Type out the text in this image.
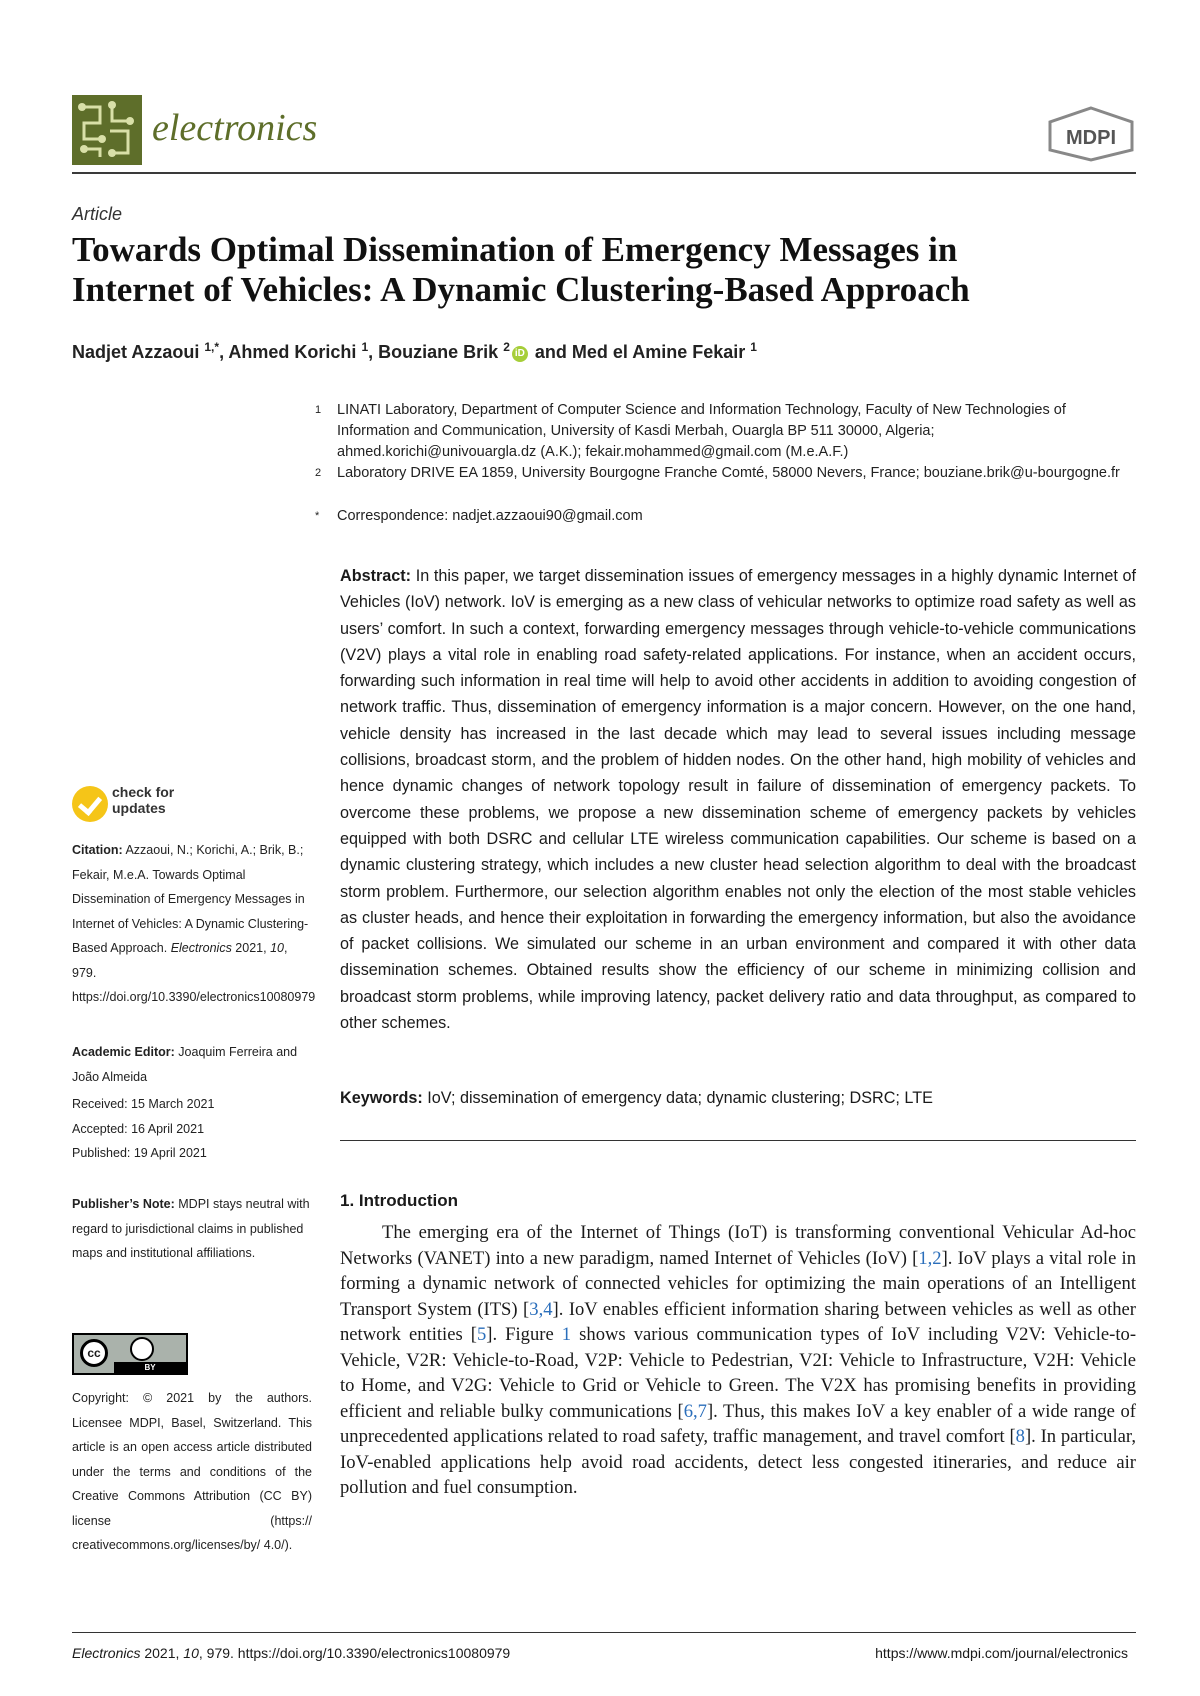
electronics	MDPI
Article
Towards Optimal Dissemination of Emergency Messages in
Internet of Vehicles: A Dynamic Clustering-Based Approach
Nadjet Azzaoui $^{1,*}$, Ahmed Korichi $^1$, Bouziane Brik $^2$ iD and Med el Amine Fekair $^1$
1 LINATI Laboratory, Department of Computer Science and Information Technology, Faculty of New Technologies of Information and Communication, University of Kasdi Merbah, Ouargla BP 511 30000, Algeria; ahmed.korichi@univouargla.dz (A.K.); fekair.mohammed@gmail.com (M.e.A.F.)
2 Laboratory DRIVE EA 1859, University Bourgogne Franche Comté, 58000 Nevers, France; bouziane.brik@u-bourgogne.fr
* Correspondence: nadjet.azzaoui90@gmail.com
Abstract: In this paper, we target dissemination issues of emergency messages in a highly dynamic Internet of Vehicles (IoV) network. IoV is emerging as a new class of vehicular networks to optimize road safety as well as users’ comfort. In such a context, forwarding emergency messages through vehicle-to-vehicle communications (V2V) plays a vital role in enabling road safety-related applications. For instance, when an accident occurs, forwarding such information in real time will help to avoid other accidents in addition to avoiding congestion of network traffic. Thus, dissemination of emergency information is a major concern. However, on the one hand, vehicle density has increased in the last decade which may lead to several issues including message collisions, broadcast storm, and the problem of hidden nodes. On the other hand, high mobility of vehicles and hence dynamic changes of network topology result in failure of dissemination of emergency packets. To overcome these problems, we propose a new dissemination scheme of emergency packets by vehicles equipped with both DSRC and cellular LTE wireless communication capabilities. Our scheme is based on a dynamic clustering strategy, which includes a new cluster head selection algorithm to deal with the broadcast storm problem. Furthermore, our selection algorithm enables not only the election of the most stable vehicles as cluster heads, and hence their exploitation in forwarding the emergency information, but also the avoidance of packet collisions. We simulated our scheme in an urban environment and compared it with other data dissemination schemes. Obtained results show the efficiency of our scheme in minimizing collision and broadcast storm problems, while improving latency, packet delivery ratio and data throughput, as compared to other schemes.
Keywords: IoV; dissemination of emergency data; dynamic clustering; DSRC; LTE
1. Introduction
The emerging era of the Internet of Things (IoT) is transforming conventional Vehicular Ad-hoc Networks (VANET) into a new paradigm, named Internet of Vehicles (IoV) [1,2]. IoV plays a vital role in forming a dynamic network of connected vehicles for optimizing the main operations of an Intelligent Transport System (ITS) [3,4]. IoV enables efficient information sharing between vehicles as well as other network entities [5]. Figure 1 shows various communication types of IoV including V2V: Vehicle-to-Vehicle, V2R: Vehicle-to-Road, V2P: Vehicle to Pedestrian, V2I: Vehicle to Infrastructure, V2H: Vehicle to Home, and V2G: Vehicle to Grid or Vehicle to Green. The V2X has promising benefits in providing efficient and reliable bulky communications [6,7]. Thus, this makes IoV a key enabler of a wide range of unprecedented applications related to road safety, traffic management, and travel comfort [8]. In particular, IoV-enabled applications help avoid road accidents, detect less congested itineraries, and reduce air pollution and fuel consumption.
check for
updates
Citation: Azzaoui, N.; Korichi, A.; Brik, B.; Fekair, M.e.A. Towards Optimal Dissemination of Emergency Messages in Internet of Vehicles: A Dynamic Clustering-Based Approach. Electronics 2021, 10, 979. https://doi.org/10.3390/electronics10080979
Academic Editor: Joaquim Ferreira and João Almeida
Received: 15 March 2021
Accepted: 16 April 2021
Published: 19 April 2021
Publisher’s Note: MDPI stays neutral with regard to jurisdictional claims in published maps and institutional affiliations.
cc
BY
Copyright: © 2021 by the authors. Licensee MDPI, Basel, Switzerland. This article is an open access article distributed under the terms and conditions of the Creative Commons Attribution (CC BY) license (https:// creativecommons.org/licenses/by/ 4.0/).
Electronics 2021, 10, 979. https://doi.org/10.3390/electronics10080979	https://www.mdpi.com/journal/electronics
